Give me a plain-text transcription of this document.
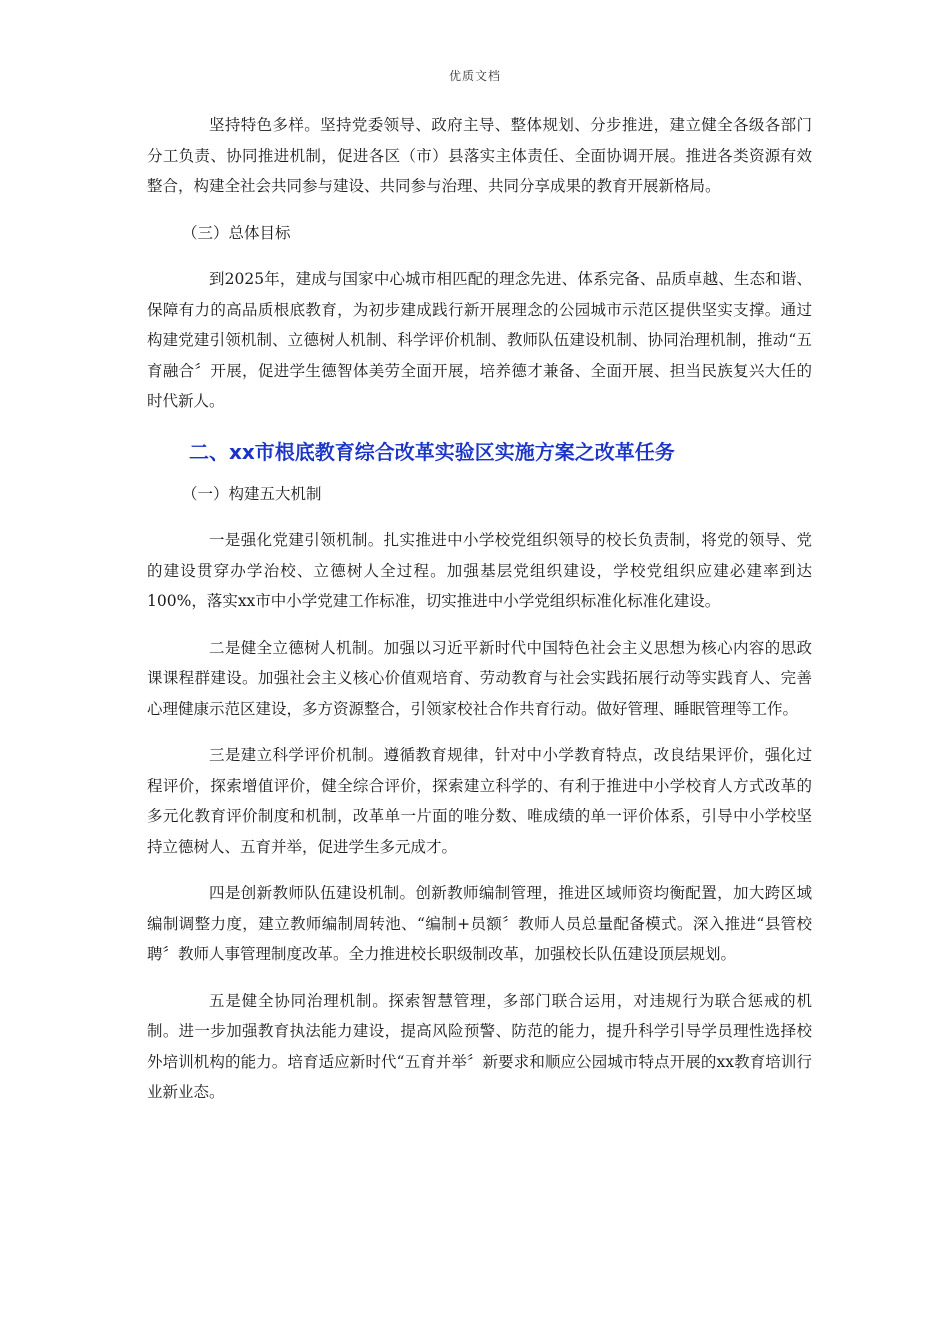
优质文档

坚持特色多样。坚持党委领导、政府主导、整体规划、分步推进，建立健全各级各部门分工负责、协同推进机制，促进各区（市）县落实主体责任、全面协调开展。推进各类资源有效整合，构建全社会共同参与建设、共同参与治理、共同分享成果的教育开展新格局。

（三）总体目标

到2025年，建成与国家中心城市相匹配的理念先进、体系完备、品质卓越、生态和谐、保障有力的高品质根底教育，为初步建成践行新开展理念的公园城市示范区提供坚实支撑。通过构建党建引领机制、立德树人机制、科学评价机制、教师队伍建设机制、协同治理机制，推动“五育融合〞开展，促进学生德智体美劳全面开展，培养德才兼备、全面开展、担当民族复兴大任的时代新人。

二、xx市根底教育综合改革实验区实施方案之改革任务

（一）构建五大机制

一是强化党建引领机制。扎实推进中小学校党组织领导的校长负责制，将党的领导、党的建设贯穿办学治校、立德树人全过程。加强基层党组织建设，学校党组织应建必建率到达100%，落实xx市中小学党建工作标准，切实推进中小学党组织标准化标准化建设。

二是健全立德树人机制。加强以习近平新时代中国特色社会主义思想为核心内容的思政课课程群建设。加强社会主义核心价值观培育、劳动教育与社会实践拓展行动等实践育人、完善心理健康示范区建设，多方资源整合，引领家校社合作共育行动。做好管理、睡眠管理等工作。

三是建立科学评价机制。遵循教育规律，针对中小学教育特点，改良结果评价，强化过程评价，探索增值评价，健全综合评价，探索建立科学的、有利于推进中小学校育人方式改革的多元化教育评价制度和机制，改革单一片面的唯分数、唯成绩的单一评价体系，引导中小学校坚持立德树人、五育并举，促进学生多元成才。

四是创新教师队伍建设机制。创新教师编制管理，推进区域师资均衡配置，加大跨区域编制调整力度，建立教师编制周转池、“编制+员额〞教师人员总量配备模式。深入推进“县管校聘〞教师人事管理制度改革。全力推进校长职级制改革，加强校长队伍建设顶层规划。

五是健全协同治理机制。探索智慧管理，多部门联合运用，对违规行为联合惩戒的机制。进一步加强教育执法能力建设，提高风险预警、防范的能力，提升科学引导学员理性选择校外培训机构的能力。培育适应新时代“五育并举〞新要求和顺应公园城市特点开展的xx教育培训行业新业态。
